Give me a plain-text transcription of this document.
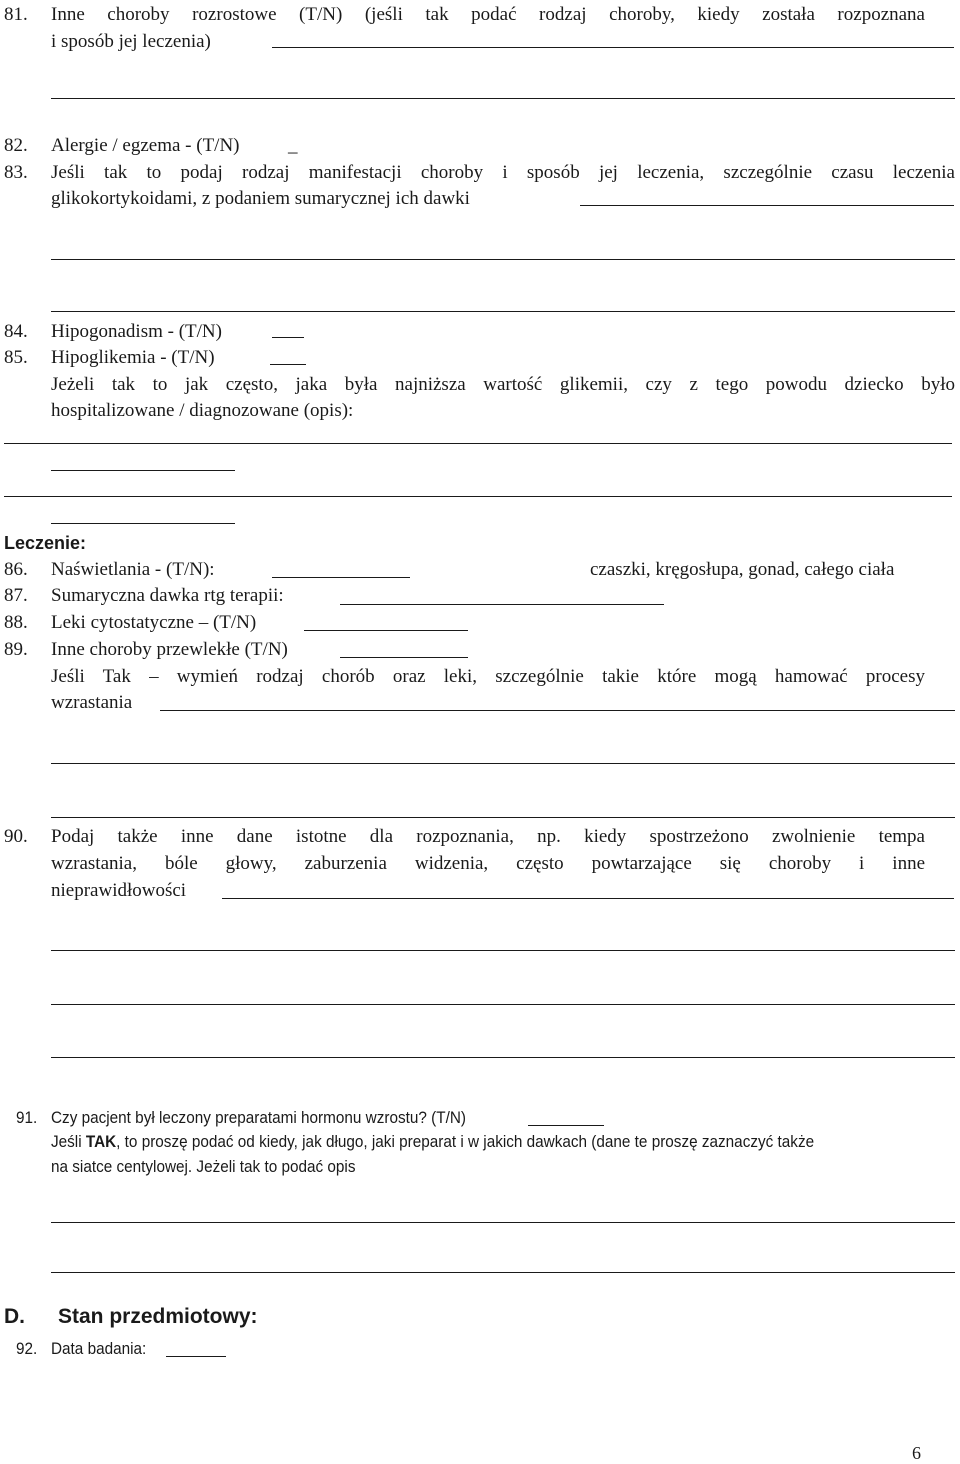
81. Inne choroby rozrostowe (T/N) (jeśli tak podać rodzaj choroby, kiedy została rozpoznana
i sposób jej leczenia)
82. Alergie / egzema - (T/N)	_
83. Jeśli tak to podaj rodzaj manifestacji choroby i sposób jej leczenia, szczególnie czasu leczenia
glikokortykoidami, z podaniem sumarycznej ich dawki
84. Hipogonadism - (T/N)
85. Hipoglikemia - (T/N)
Jeżeli tak to jak często, jaka była najniższa wartość glikemii, czy z tego powodu dziecko było
hospitalizowane / diagnozowane (opis):
Leczenie:
86. Naświetlania - (T/N):	czaszki, kręgosłupa, gonad, całego ciała
87. Sumaryczna dawka rtg terapii:
88. Leki cytostatyczne – (T/N)
89. Inne choroby przewlekłe (T/N)
Jeśli Tak – wymień rodzaj chorób oraz leki, szczególnie takie które mogą hamować procesy
wzrastania
90. Podaj także inne dane istotne dla rozpoznania, np. kiedy spostrzeżono zwolnienie tempa
wzrastania, bóle głowy, zaburzenia widzenia, często powtarzające się choroby i inne
nieprawidłowości
91. Czy pacjent był leczony preparatami hormonu wzrostu? (T/N)
Jeśli TAK, to proszę podać od kiedy, jak długo, jaki preparat i w jakich dawkach (dane te proszę zaznaczyć także
na siatce centylowej. Jeżeli tak to podać opis
D. Stan przedmiotowy:
92. Data badania:
6
